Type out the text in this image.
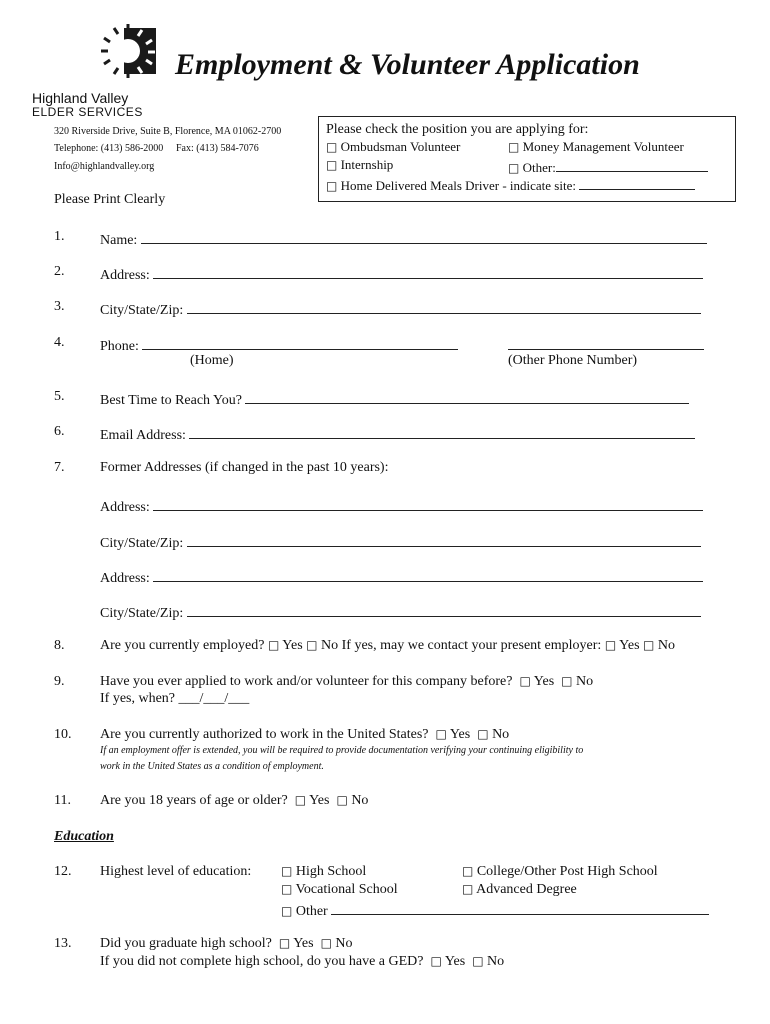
Highland Valley
ELDER SERVICES
Employment & Volunteer Application
320 Riverside Drive, Suite B, Florence, MA 01062-2700
Telephone: (413) 586-2000 Fax: (413) 584-7076
Info@highlandvalley.org
Please Print Clearly
Please check the position you are applying for:
□ Ombudsman Volunteer	□ Money Management Volunteer
□ Internship	□ Other:
□ Home Delivered Meals Driver - indicate site:
1.	Name:
2.	Address:
3.	City/State/Zip:
4.	Phone:
(Home)	(Other Phone Number)
5.	Best Time to Reach You?
6.	Email Address:
7.	Former Addresses (if changed in the past 10 years):
Address:
City/State/Zip:
Address:
City/State/Zip:
8.	Are you currently employed? □ Yes □ No If yes, may we contact your present employer: □ Yes □ No
9.	Have you ever applied to work and/or volunteer for this company before? □ Yes □ No
If yes, when? ___/___/___
10. Are you currently authorized to work in the United States? □ Yes □ No
If an employment offer is extended, you will be required to provide documentation verifying your continuing eligibility to
work in the United States as a condition of employment.
11. Are you 18 years of age or older? □ Yes □ No
Education
12. Highest level of education: □ High School	□ College/Other Post High School
□ Vocational School	□ Advanced Degree
□ Other
13. Did you graduate high school? □ Yes □ No
If you did not complete high school, do you have a GED? □ Yes □ No
